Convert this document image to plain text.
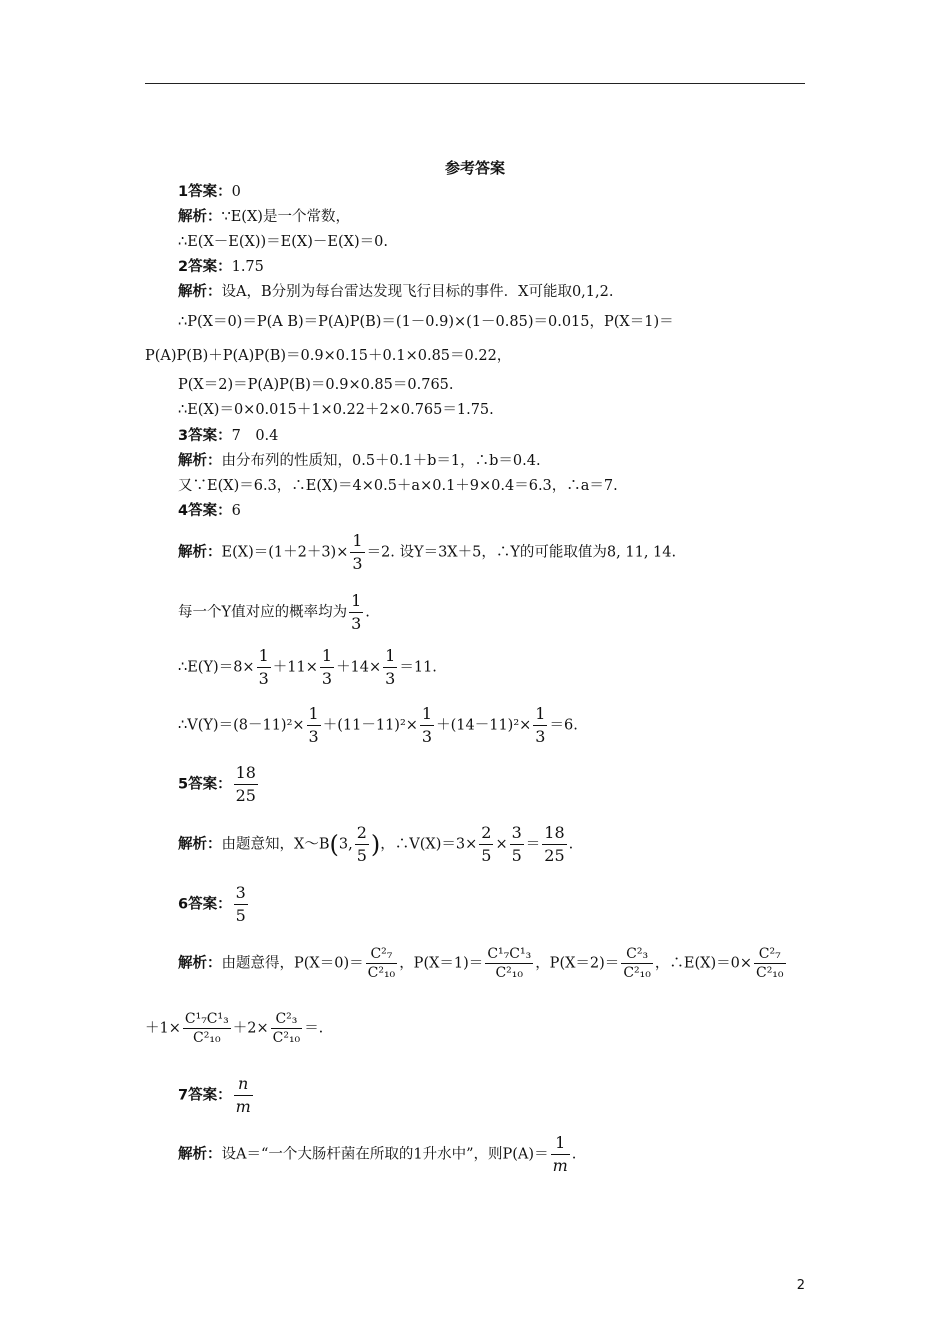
参考答案
1答案：0
解析：∵E(X)是一个常数，
∴E(X－E(X))＝E(X)－E(X)＝0.
2答案：1.75
解析：设A，B分别为每台雷达发现飞行目标的事件．X可能取0,1,2.
∴P(X＝0)＝P(A B)＝P(A)P(B)＝(1－0.9)×(1－0.85)＝0.015，P(X＝1)＝
P(A)P(B)＋P(A)P(B)＝0.9×0.15＋0.1×0.85＝0.22，
P(X＝2)＝P(A)P(B)＝0.9×0.85＝0.765.
∴E(X)＝0×0.015＋1×0.22＋2×0.765＝1.75.
3答案：7　0.4
解析：由分布列的性质知，0.5＋0.1＋b＝1，∴b＝0.4.
又∵E(X)＝6.3，∴E(X)＝4×0.5＋a×0.1＋9×0.4＝6.3，∴a＝7.
4答案：6
解析：$E(X)=(1+2+3)\times \frac{1}{3} =2$. 设Y＝3X＋5，∴Y的可能取值为8, 11, 14.
每一个Y值对应的概率均为 $\frac{1}{3}$ .
∴E(Y)＝8× $\frac{1}{3} +11\times \frac{1}{3} +14\times \frac{1}{3} =11$.
∴V(Y)＝(8－11)²× $\frac{1}{3} +(11-11)^2\times \frac{1}{3} +(14-11)^2\times \frac{1}{3} =6$.
5答案： $\frac{18}{25}$
解析：由题意知，X～B(3, $\frac{2}{5}$ )，∴V(X)＝3× $\frac{2}{5} \times \frac{3}{5} = \frac{18}{25}$ .
6答案： $\frac{3}{5}$
解析：由题意得，$P(X=0)= \frac{\text{C²₇}}{\text{C²₁₀}}$ ，$P(X=1)= \frac{\text{C¹₇C¹₃}}{\text{C²₁₀}}$ ，$P(X=2)= \frac{\text{C²₃}}{\text{C²₁₀}}$ ，∴E(X)＝0× $\frac{\text{C²₇}}{\text{C²₁₀}}$
$+1\times \frac{\text{C¹₇C¹₃}}{\text{C²₁₀}} +2\times \frac{\text{C²₃}}{\text{C²₁₀}}$ ＝.
7答案： $\frac{n}{m}$
解析：设A＝“一个大肠杆菌在所取的1升水中”，则$P(A)= \frac{1}{m}$ .
2
